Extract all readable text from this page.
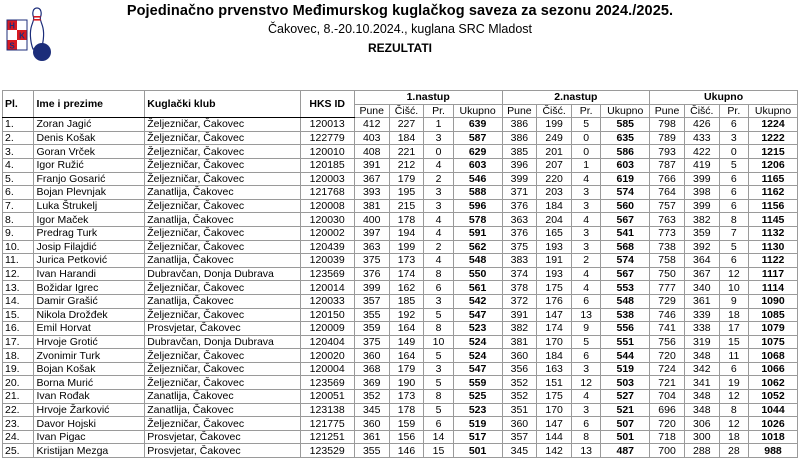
H
K
S
Pojedinačno prvenstvo Međimurskog kuglačkog saveza za sezonu 2024./2025.
Čakovec, 8.-20.10.2024., kuglana SRC Mladost
REZULTATI
Pl.	Ime i prezime	Kuglački klub	HKS ID	1.nastup				2.nastup				Ukupno			
				Pune	Čišć.	Pr.	Ukupno	Pune	Čišć.	Pr.	Ukupno	Pune	Čišć.	Pr.	Ukupno
1.	Zoran Jagić	Željezničar, Čakovec	120013	412	227	1	639	386	199	5	585	798	426	6	1224
2.	Denis Košak	Željezničar, Čakovec	122779	403	184	3	587	386	249	0	635	789	433	3	1222
3.	Goran Vrček	Željezničar, Čakovec	120010	408	221	0	629	385	201	0	586	793	422	0	1215
4.	Igor Ružić	Željezničar, Čakovec	120185	391	212	4	603	396	207	1	603	787	419	5	1206
5.	Franjo Gosarić	Željezničar, Čakovec	120003	367	179	2	546	399	220	4	619	766	399	6	1165
6.	Bojan Plevnjak	Zanatlija, Čakovec	121768	393	195	3	588	371	203	3	574	764	398	6	1162
7.	Luka Štrukelj	Željezničar, Čakovec	120008	381	215	3	596	376	184	3	560	757	399	6	1156
8.	Igor Maček	Zanatlija, Čakovec	120030	400	178	4	578	363	204	4	567	763	382	8	1145
9.	Predrag Turk	Željezničar, Čakovec	120002	397	194	4	591	376	165	3	541	773	359	7	1132
10.	Josip Filajdić	Željezničar, Čakovec	120439	363	199	2	562	375	193	3	568	738	392	5	1130
11.	Jurica Petković	Zanatlija, Čakovec	120039	375	173	4	548	383	191	2	574	758	364	6	1122
12.	Ivan Harandi	Dubravčan, Donja Dubrava	123569	376	174	8	550	374	193	4	567	750	367	12	1117
13.	Božidar Igrec	Željezničar, Čakovec	120014	399	162	6	561	378	175	4	553	777	340	10	1114
14.	Damir Grašić	Zanatlija, Čakovec	120033	357	185	3	542	372	176	6	548	729	361	9	1090
15.	Nikola Drožđek	Željezničar, Čakovec	120150	355	192	5	547	391	147	13	538	746	339	18	1085
16.	Emil Horvat	Prosvjetar, Čakovec	120009	359	164	8	523	382	174	9	556	741	338	17	1079
17.	Hrvoje Grotić	Dubravčan, Donja Dubrava	120404	375	149	10	524	381	170	5	551	756	319	15	1075
18.	Zvonimir Turk	Željezničar, Čakovec	120020	360	164	5	524	360	184	6	544	720	348	11	1068
19.	Bojan Košak	Željezničar, Čakovec	120004	368	179	3	547	356	163	3	519	724	342	6	1066
20.	Borna Murić	Željezničar, Čakovec	123569	369	190	5	559	352	151	12	503	721	341	19	1062
21.	Ivan Rođak	Zanatlija, Čakovec	120051	352	173	8	525	352	175	4	527	704	348	12	1052
22.	Hrvoje Žarković	Zanatlija, Čakovec	123138	345	178	5	523	351	170	3	521	696	348	8	1044
23.	Davor Hojski	Željezničar, Čakovec	121775	360	159	6	519	360	147	6	507	720	306	12	1026
24.	Ivan Pigac	Prosvjetar, Čakovec	121251	361	156	14	517	357	144	8	501	718	300	18	1018
25.	Kristijan Mezga	Prosvjetar, Čakovec	123529	355	146	15	501	345	142	13	487	700	288	28	988
